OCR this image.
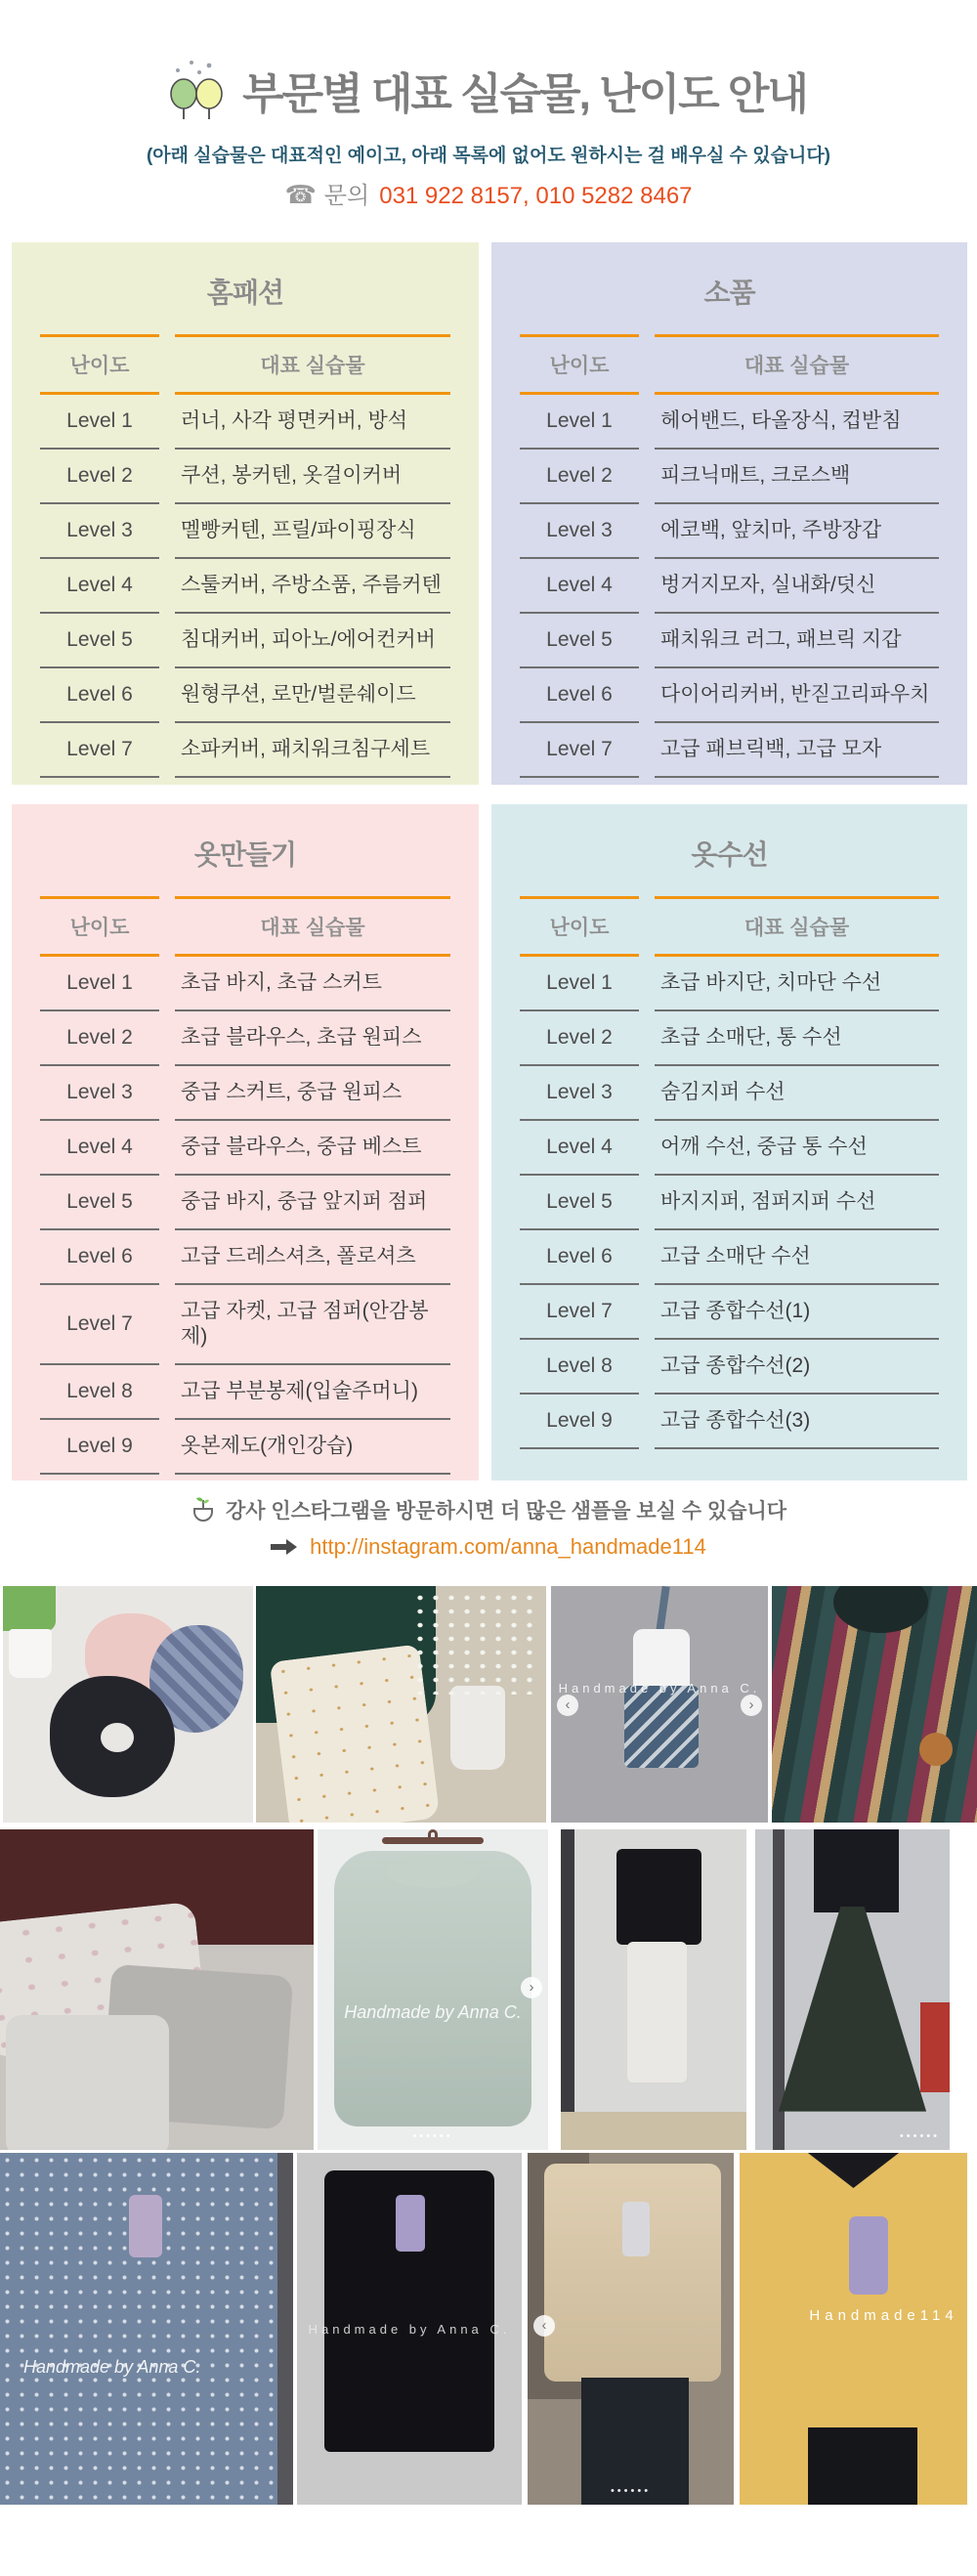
부문별 대표 실습물, 난이도 안내
(아래 실습물은 대표적인 예이고, 아래 목록에 없어도 원하시는 걸 배우실 수 있습니다)
☎ 문의 031 922 8157, 010 5282 8467
홈패션
난이도	대표 실습물
Level 1	러너, 사각 평면커버, 방석
Level 2	쿠션, 봉커텐, 옷걸이커버
Level 3	멜빵커텐, 프릴/파이핑장식
Level 4	스툴커버, 주방소품, 주름커텐
Level 5	침대커버, 피아노/에어컨커버
Level 6	원형쿠션, 로만/벌룬쉐이드
Level 7	소파커버, 패치워크침구세트
소품
난이도	대표 실습물
Level 1	헤어밴드, 타올장식, 컵받침
Level 2	피크닉매트, 크로스백
Level 3	에코백, 앞치마, 주방장갑
Level 4	벙거지모자, 실내화/덧신
Level 5	패치워크 러그, 패브릭 지갑
Level 6	다이어리커버, 반짇고리파우치
Level 7	고급 패브릭백, 고급 모자
옷만들기
난이도	대표 실습물
Level 1	초급 바지, 초급 스커트
Level 2	초급 블라우스, 초급 원피스
Level 3	중급 스커트, 중급 원피스
Level 4	중급 블라우스, 중급 베스트
Level 5	중급 바지, 중급 앞지퍼 점퍼
Level 6	고급 드레스셔츠, 폴로셔츠
Level 7	고급 자켓, 고급 점퍼(안감봉제)
Level 8	고급 부분봉제(입술주머니)
Level 9	옷본제도(개인강습)
옷수선
난이도	대표 실습물
Level 1	초급 바지단, 치마단 수선
Level 2	초급 소매단, 통 수선
Level 3	숨김지퍼 수선
Level 4	어깨 수선, 중급 통 수선
Level 5	바지지퍼, 점퍼지퍼 수선
Level 6	고급 소매단 수선
Level 7	고급 종합수선(1)
Level 8	고급 종합수선(2)
Level 9	고급 종합수선(3)
강사 인스타그램을 방문하시면 더 많은 샘플을 보실 수 있습니다
http://instagram.com/anna_handmade114
Handmade by Anna C.
‹	›
Handmade by Anna C.
›
••••••	••••••
Handmade by Anna C.
Handmade by Anna C.	‹
••••••
Handmade114
